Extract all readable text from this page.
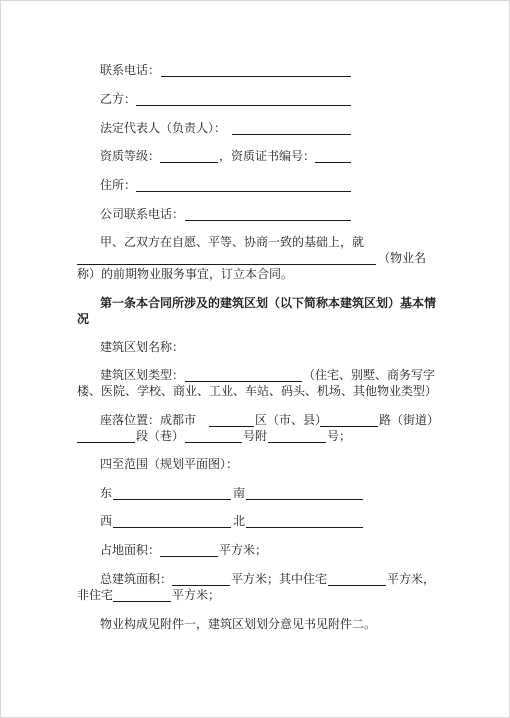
联系电话：
乙方：
法定代表人（负责人）：
资质等级：	，资质证书编号：
住所：
公司联系电话：
甲、乙双方在自愿、平等、协商一致的基础上，就
（物业名
称）的前期物业服务事宜，订立本合同。
第一条本合同所涉及的建筑区划（以下简称本建筑区划）基本情
况
建筑区划名称：
建筑区划类型：	（住宅、别墅、商务写字
楼、医院、学校、商业、工业、车站、码头、机场、其他物业类型）
座落位置：成都市	区（市、县）	路（街道）
段（巷）	号附	号；
四至范围（规划平面图）：
东	南
西	北
占地面积：	平方米；
总建筑面积：	平方米；其中住宅	平方米，
非住宅	平方米；
物业构成见附件一，建筑区划划分意见书见附件二。
